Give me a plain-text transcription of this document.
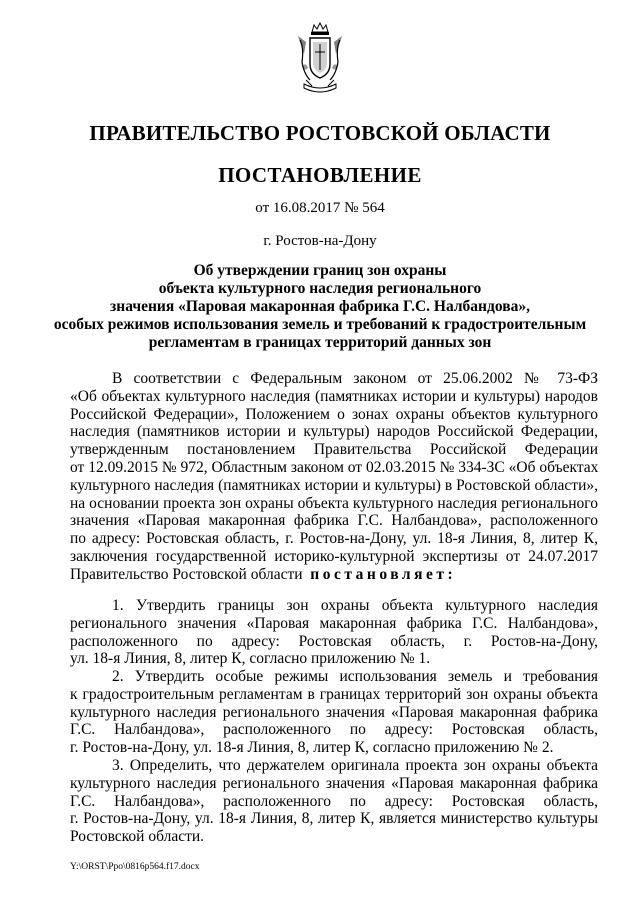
ПРАВИТЕЛЬСТВО РОСТОВСКОЙ ОБЛАСТИ
ПОСТАНОВЛЕНИЕ
от 16.08.2017 № 564
г. Ростов-на-Дону
Об утверждении границ зон охраны
объекта культурного наследия регионального
значения «Паровая макаронная фабрика Г.С. Налбандова»,
особых режимов использования земель и требований к градостроительным
регламентам в границах территорий данных зон
В соответствии с Федеральным законом от 25.06.2002 № 73-ФЗ
«Об объектах культурного наследия (памятниках истории и культуры) народов
Российской Федерации», Положением о зонах охраны объектов культурного
наследия (памятников истории и культуры) народов Российской Федерации,
утвержденным постановлением Правительства Российской Федерации
от 12.09.2015 № 972, Областным законом от 02.03.2015 № 334-ЗС «Об объектах
культурного наследия (памятниках истории и культуры) в Ростовской области»,
на основании проекта зон охраны объекта культурного наследия регионального
значения «Паровая макаронная фабрика Г.С. Налбандова», расположенного
по адресу: Ростовская область, г. Ростов-на-Дону, ул. 18-я Линия, 8, литер К,
заключения государственной историко-культурной экспертизы от 24.07.2017
Правительство Ростовской области постановляет:
1. Утвердить границы зон охраны объекта культурного наследия
регионального значения «Паровая макаронная фабрика Г.С. Налбандова»,
расположенного по адресу: Ростовская область, г. Ростов-на-Дону,
ул. 18-я Линия, 8, литер К, согласно приложению № 1.
2. Утвердить особые режимы использования земель и требования
к градостроительным регламентам в границах территорий зон охраны объекта
культурного наследия регионального значения «Паровая макаронная фабрика
Г.С. Налбандова», расположенного по адресу: Ростовская область,
г. Ростов-на-Дону, ул. 18-я Линия, 8, литер К, согласно приложению № 2.
3. Определить, что держателем оригинала проекта зон охраны объекта
культурного наследия регионального значения «Паровая макаронная фабрика
Г.С. Налбандова», расположенного по адресу: Ростовская область,
г. Ростов-на-Дону, ул. 18-я Линия, 8, литер К, является министерство культуры
Ростовской области.
Y:\ORST\Ppo\0816p564.f17.docx
